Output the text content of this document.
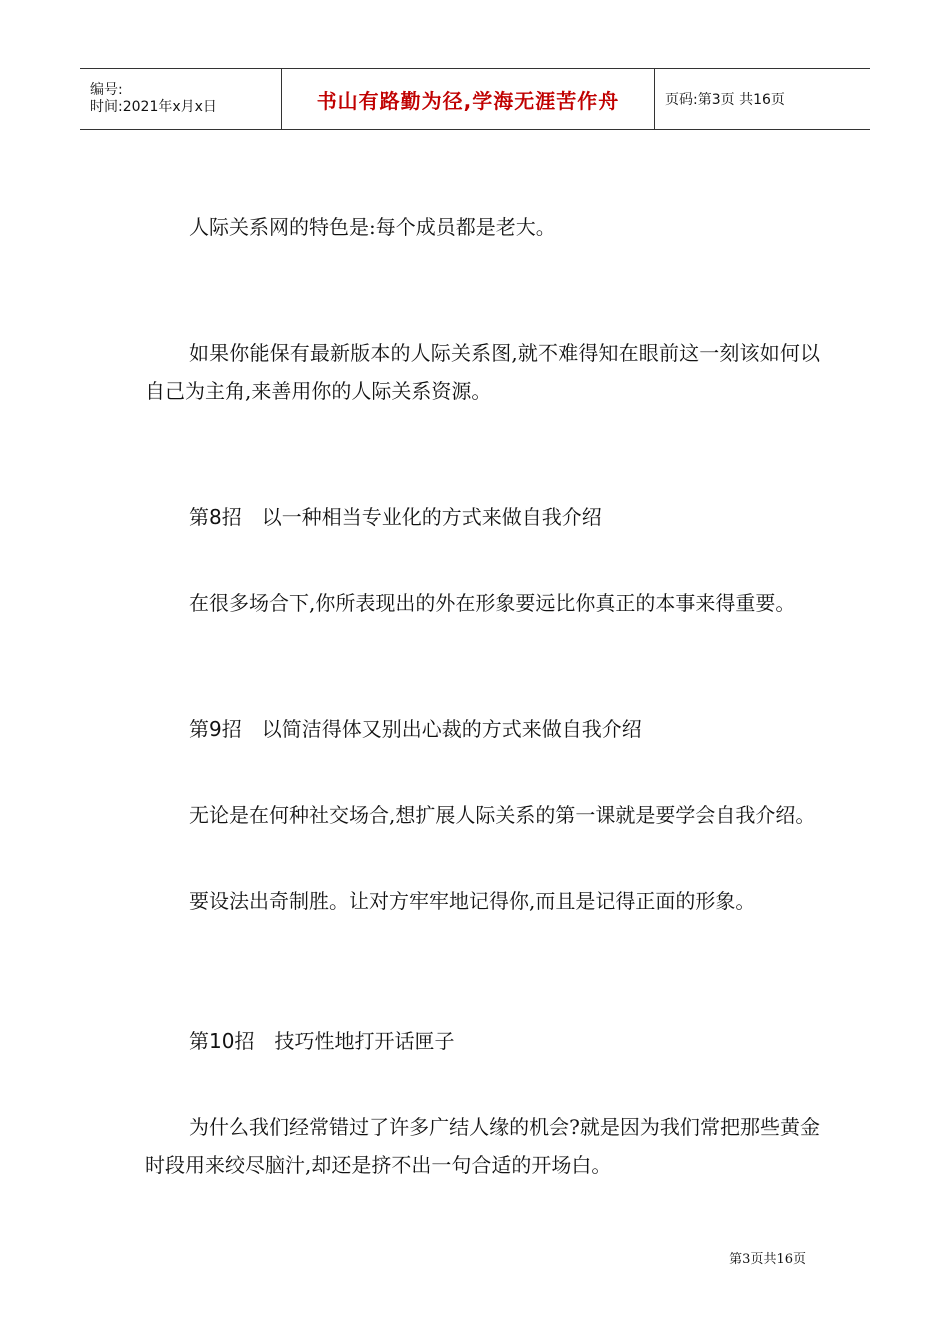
编号:
时间:2021年x月x日	书山有路勤为径,学海无涯苦作舟	页码:第3页 共16页

人际关系网的特色是:每个成员都是老大。

如果你能保有最新版本的人际关系图,就不难得知在眼前这一刻该如何以自己为主角,来善用你的人际关系资源。

第8招　以一种相当专业化的方式来做自我介绍

在很多场合下,你所表现出的外在形象要远比你真正的本事来得重要。

第9招　以简洁得体又别出心裁的方式来做自我介绍

无论是在何种社交场合,想扩展人际关系的第一课就是要学会自我介绍。

要设法出奇制胜。让对方牢牢地记得你,而且是记得正面的形象。

第10招　技巧性地打开话匣子

为什么我们经常错过了许多广结人缘的机会?就是因为我们常把那些黄金时段用来绞尽脑汁,却还是挤不出一句合适的开场白。

第3页共16页
